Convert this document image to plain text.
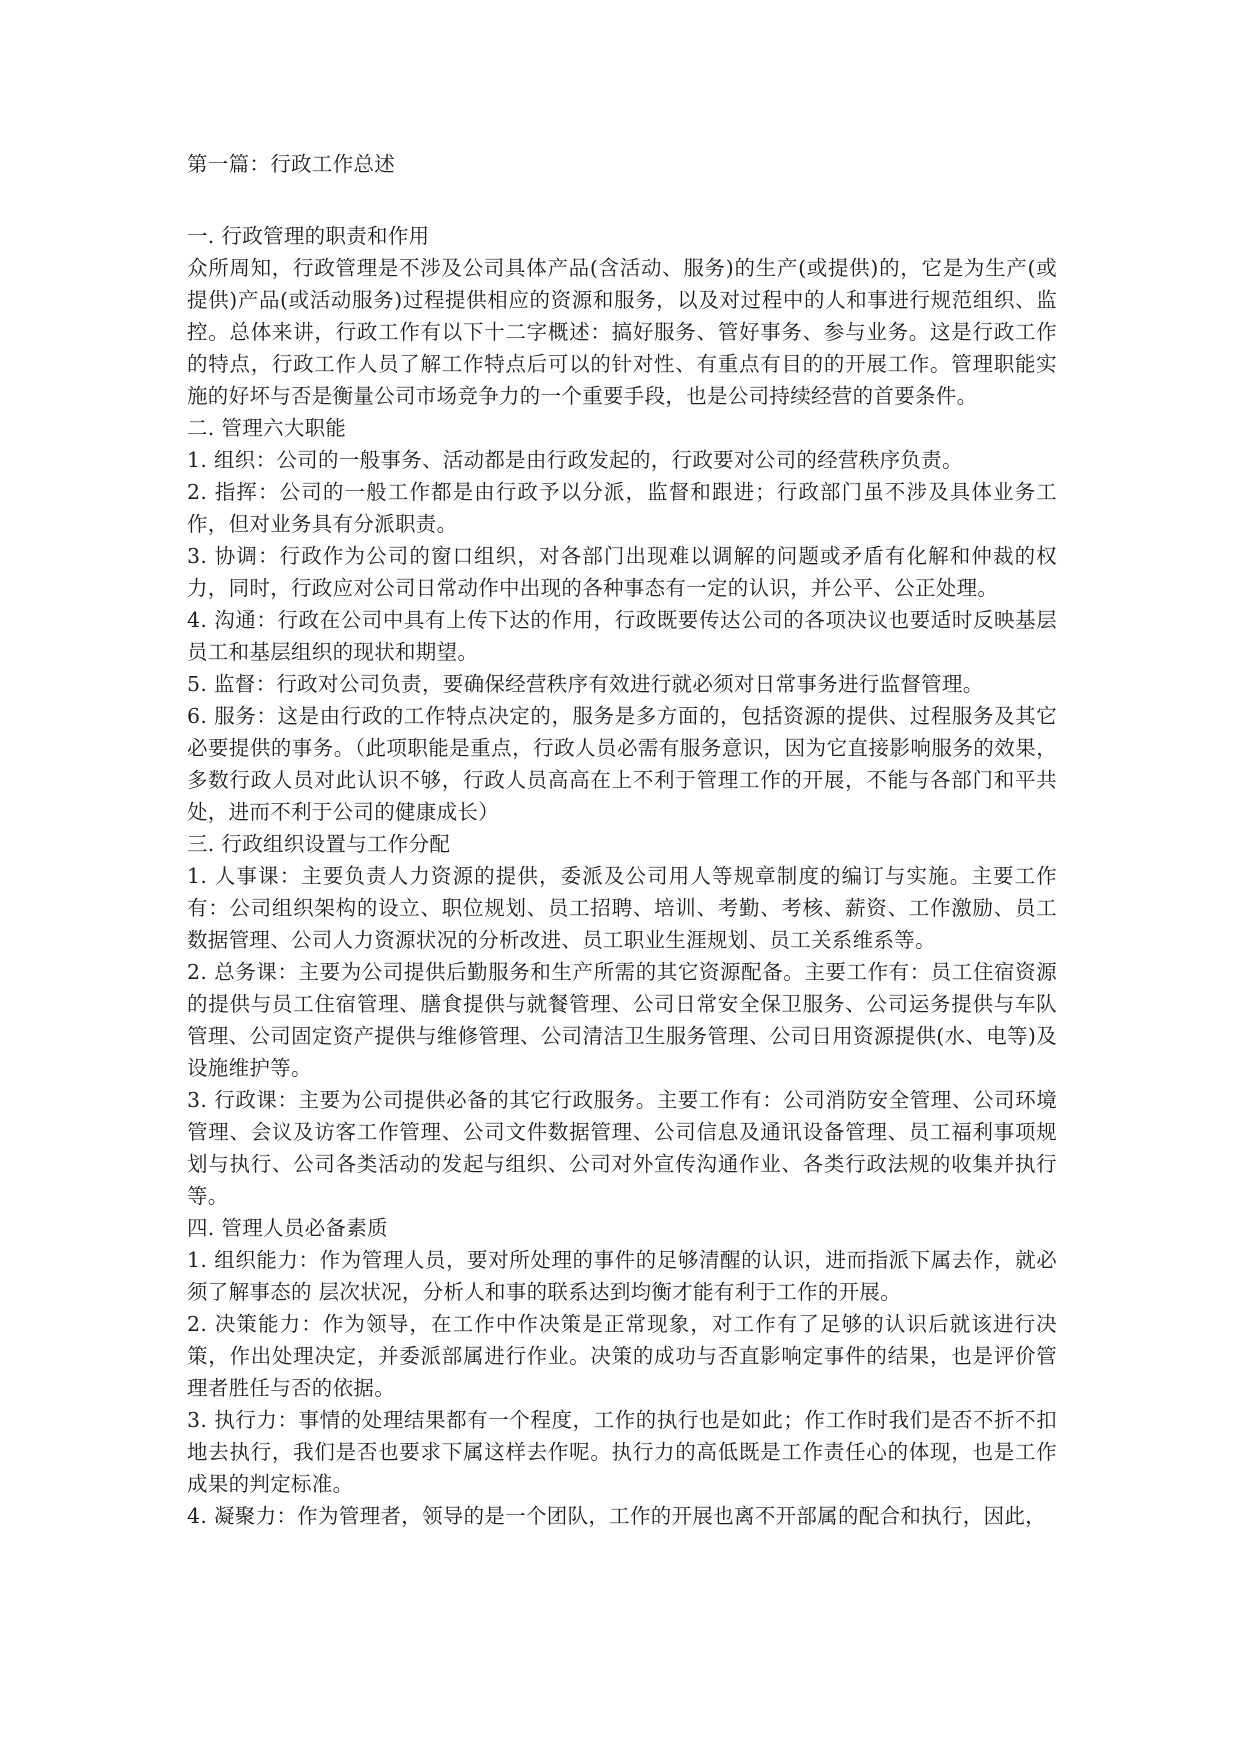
第一篇：行政工作总述
一. 行政管理的职责和作用

众所周知，行政管理是不涉及公司具体产品(含活动、服务)的生产(或提供)的，它是为生产(或提供)产品(或活动服务)过程提供相应的资源和服务，以及对过程中的人和事进行规范组织、监控。总体来讲，行政工作有以下十二字概述：搞好服务、管好事务、参与业务。这是行政工作的特点，行政工作人员了解工作特点后可以的针对性、有重点有目的的开展工作。管理职能实施的好坏与否是衡量公司市场竞争力的一个重要手段，也是公司持续经营的首要条件。

二. 管理六大职能

1. 组织：公司的一般事务、活动都是由行政发起的，行政要对公司的经营秩序负责。

2. 指挥：公司的一般工作都是由行政予以分派，监督和跟进；行政部门虽不涉及具体业务工作，但对业务具有分派职责。

3. 协调：行政作为公司的窗口组织，对各部门出现难以调解的问题或矛盾有化解和仲裁的权力，同时，行政应对公司日常动作中出现的各种事态有一定的认识，并公平、公正处理。

4. 沟通：行政在公司中具有上传下达的作用，行政既要传达公司的各项决议也要适时反映基层员工和基层组织的现状和期望。

5. 监督：行政对公司负责，要确保经营秩序有效进行就必须对日常事务进行监督管理。

6. 服务：这是由行政的工作特点决定的，服务是多方面的，包括资源的提供、过程服务及其它必要提供的事务。（此项职能是重点，行政人员必需有服务意识，因为它直接影响服务的效果，多数行政人员对此认识不够，行政人员高高在上不利于管理工作的开展，不能与各部门和平共处，进而不利于公司的健康成长）

三. 行政组织设置与工作分配

1. 人事课：主要负责人力资源的提供，委派及公司用人等规章制度的编订与实施。主要工作有：公司组织架构的设立、职位规划、员工招聘、培训、考勤、考核、薪资、工作激励、员工数据管理、公司人力资源状况的分析改进、员工职业生涯规划、员工关系维系等。

2. 总务课：主要为公司提供后勤服务和生产所需的其它资源配备。主要工作有：员工住宿资源的提供与员工住宿管理、膳食提供与就餐管理、公司日常安全保卫服务、公司运务提供与车队管理、公司固定资产提供与维修管理、公司清洁卫生服务管理、公司日用资源提供(水、电等)及设施维护等。

3. 行政课：主要为公司提供必备的其它行政服务。主要工作有：公司消防安全管理、公司环境管理、会议及访客工作管理、公司文件数据管理、公司信息及通讯设备管理、员工福利事项规划与执行、公司各类活动的发起与组织、公司对外宣传沟通作业、各类行政法规的收集并执行等。

四. 管理人员必备素质

1. 组织能力：作为管理人员，要对所处理的事件的足够清醒的认识，进而指派下属去作，就必须了解事态的 层次状况，分析人和事的联系达到均衡才能有利于工作的开展。

2. 决策能力：作为领导，在工作中作决策是正常现象，对工作有了足够的认识后就该进行决策，作出处理决定，并委派部属进行作业。决策的成功与否直影响定事件的结果，也是评价管理者胜任与否的依据。

3. 执行力：事情的处理结果都有一个程度，工作的执行也是如此；作工作时我们是否不折不扣地去执行，我们是否也要求下属这样去作呢。执行力的高低既是工作责任心的体现，也是工作成果的判定标准。

4. 凝聚力：作为管理者，领导的是一个团队，工作的开展也离不开部属的配合和执行，因此，
